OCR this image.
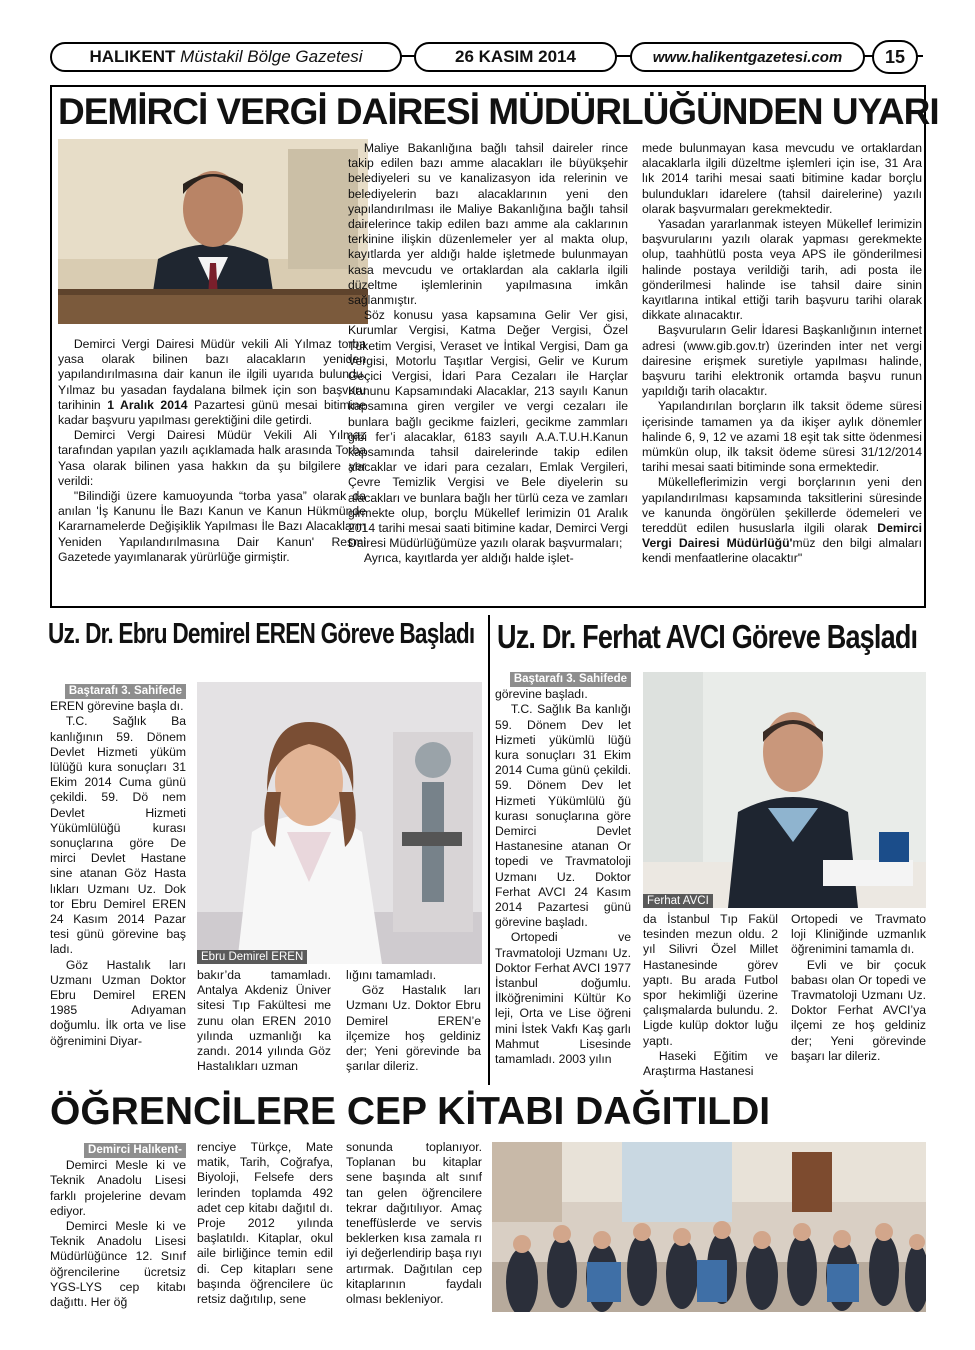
HALIKENT
Müstakil Bölge Gazetesi	26 KASIM 2014	www.halikentgazetesi.com 15
DEMİRCİ VERGİ DAİRESİ MÜDÜRLÜĞÜNDEN UYARI

Demirci Vergi Dairesi Müdür vekili Ali Yılmaz torba yasa olarak bilinen bazı alacakların yeniden yapılandırılmasına dair kanun ile ilgili uyarıda bulundu. Yılmaz bu yasadan faydalana bilmek için son başvuru tarihinin 1 Aralık 2014 Pazartesi günü mesai bitimine kadar başvuru yapılması gerektiğini dile getirdi.

Demirci Vergi Dairesi Müdür Vekili Ali Yılmaz tarafından yapılan yazılı açıklamada halk arasında Torba Yasa olarak bilinen yasa hakkın da şu bilgilere yer verildi:

"Bilindiği üzere kamuoyunda “torba yasa” olarak da anılan 'İş Kanunu İle Bazı Kanun ve Kanun Hükmünde Kararnamelerde Değişiklik Yapılması İle Bazı Alacakların Yeniden Yapılandırılmasına Dair Kanun' Resmi Gazetede yayımlanarak yürürlüğe girmiştir.

Maliye Bakanlığına bağlı tahsil daireler rince takip edilen bazı amme alacakları ile büyükşehir belediyeleri su ve kanalizasyon ida relerinin ve belediyelerin bazı alacaklarının yeni den yapılandırılması ile Maliye Bakanlığına bağlı tahsil dairelerince takip edilen bazı amme ala caklarının terkinine ilişkin düzenlemeler yer al makta olup, kayıtlarda yer aldığı halde işletmede bulunmayan kasa mevcudu ve ortaklardan ala caklarla ilgili düzeltme işlemlerinin yapılmasına imkân sağlanmıştır.

Söz konusu yasa kapsamına Gelir Ver gisi, Kurumlar Vergisi, Katma Değer Vergisi, Özel Tüketim Vergisi, Veraset ve İntikal Vergisi, Dam ga Vergisi, Motorlu Taşıtlar Vergisi, Gelir ve Kurum Geçici Vergisi, İdari Para Cezaları ile Harçlar Kanunu Kapsamındaki Alacaklar, 213 sayılı Kanun kapsamına giren vergiler ve vergi cezaları ile bunlara bağlı gecikme faizleri, gecikme zammları gibi fer’i alacaklar, 6183 sayılı A.A.T.U.H.Kanun kapsamında tahsil dairelerinde takip edilen alacaklar ve idari para cezaları, Emlak Vergileri, Çevre Temizlik Vergisi ve Bele diyelerin su alacakları ve bunlara bağlı her türlü ceza ve zamları girmekte olup, borçlu Mükellef lerimizin 01 Aralık 2014 tarihi mesai saati bitimine kadar, Demirci Vergi Dairesi Müdürlüğümüze yazılı olarak başvurmaları;

Ayrıca, kayıtlarda yer aldığı halde işlet-

mede bulunmayan kasa mevcudu ve ortaklardan alacaklarla ilgili düzeltme işlemleri için ise, 31 Ara lık 2014 tarihi mesai saati bitimine kadar borçlu bulundukları idarelere (tahsil dairelerine) yazılı olarak başvurmaları gerekmektedir.

Yasadan yararlanmak isteyen Mükellef lerimizin başvurularını yazılı olarak yapması gerekmekte olup, taahhütlü posta veya APS ile gönderilmesi halinde postaya verildiği tarih, adi posta ile gönderilmesi halinde ise tahsil daire sinin kayıtlarına intikal ettiği tarih başvuru tarihi olarak dikkate alınacaktır.

Başvuruların Gelir İdaresi Başkanlığının internet adresi (www.gib.gov.tr) üzerinden inter net vergi dairesine erişmek suretiyle yapılması halinde, başvuru tarihi elektronik ortamda başvu runun yapıldığı tarih olacaktır.

Yapılandırılan borçların ilk taksit ödeme süresi içerisinde tamamen ya da ikişer aylık dönemler halinde 6, 9, 12 ve azami 18 eşit tak sitte ödenmesi mümkün olup, ilk taksit ödeme süresi 31/12/2014 tarihi mesai saati bitiminde sona ermektedir.

Mükelleflerimizin vergi borçlarının yeni den yapılandırılması kapsamında taksitlerini süresinde ve kanunda öngörülen şekillerde ödemeleri ve tereddüt edilen hususlarla ilgili olarak Demirci Vergi Dairesi Müdürlüğü'müz den bilgi almaları kendi menfaatlerine olacaktır"

Uz. Dr. Ebru Demirel EREN Göreve Başladı

Baştarafı 3. Sahifede

EREN görevine başla dı.

T.C. Sağlık Ba kanlığının 59. Dönem Devlet Hizmeti yüküm lülüğü kura sonuçları 31 Ekim 2014 Cuma günü çekildi. 59. Dö nem Devlet Hizmeti Yükümlülüğü kurası sonuçlarına göre De mirci Devlet Hastane sine atanan Göz Hasta lıkları Uzmanı Uz. Dok tor Ebru Demirel EREN 24 Kasım 2014 Pazar tesi günü görevine baş ladı.

Göz Hastalık ları Uzmanı Uzman Doktor Ebru Demirel EREN 1985 Adıyaman doğumlu. İlk orta ve lise öğrenimini Diyar-

Ebru Demirel EREN

bakır’da tamamladı. Antalya Akdeniz Üniver sitesi Tıp Fakültesi me zunu olan EREN 2010 yılında uzmanlığı ka zandı. 2014 yılında Göz Hastalıkları uzman

lığını tamamladı.

Göz Hastalık ları Uzmanı Uz. Doktor Ebru Demirel EREN’e ilçemize hoş geldiniz der; Yeni görevinde ba şarılar dileriz.

Uz. Dr. Ferhat AVCI Göreve Başladı

Baştarafı 3. Sahifede

görevine başladı.

T.C. Sağlık Ba kanlığı 59. Dönem Dev let Hizmeti yükümlü lüğü kura sonuçları 31 Ekim 2014 Cuma günü çekildi. 59. Dönem Dev let Hizmeti Yükümlülü ğü kurası sonuçlarına göre Demirci Devlet Hastanesine atanan Or topedi ve Travmatoloji Uzmanı Uz. Doktor Ferhat AVCI 24 Kasım 2014 Pazartesi günü görevine başladı.

Ortopedi ve Travmatoloji Uzmanı Uz. Doktor Ferhat AVCI 1977 İstanbul doğumlu. İlköğrenimini Kültür Ko leji, Orta ve Lise öğreni mini İstek Vakfı Kaş garlı Mahmut Lisesinde tamamladı. 2003 yılın

Ferhat AVCI

da İstanbul Tıp Fakül tesinden mezun oldu. 2 yıl Silivri Özel Millet Hastanesinde görev yaptı. Bu arada Futbol spor hekimliği üzerine çalışmalarda bulundu. 2. Ligde kulüp doktor luğu yaptı.

Haseki Eğitim ve Araştırma Hastanesi

Ortopedi ve Travmato loji Kliniğinde uzmanlık öğrenimini tamamla dı.

Evli ve bir çocuk babası olan Or topedi ve Travmatoloji Uzmanı Uz. Doktor Ferhat AVCI’ya ilçemi ze hoş geldiniz der; Yeni görevinde başarı lar dileriz.

ÖĞRENCİLERE CEP KİTABI DAĞITILDI

Demirci Halıkent-

Demirci Mesle ki ve Teknik Anadolu Lisesi farklı projelerine devam ediyor.

Demirci Mesle ki ve Teknik Anadolu Lisesi Müdürlüğünce 12. Sınıf öğrencilerine ücretsiz YGS-LYS cep kitabı dağıttı. Her öğ

renciye Türkçe, Mate matik, Tarih, Coğrafya, Biyoloji, Felsefe ders lerinden toplamda 492 adet cep kitabı dağıtıl dı. Proje 2012 yılında başlatıldı. Kitaplar, okul aile birliğince temin edil di. Cep kitapları sene başında öğrencilere üc retsiz dağıtılıp, sene

sonunda toplanıyor. Toplanan bu kitaplar sene başında alt sınıf tan gelen öğrencilere tekrar dağıtılıyor. Amaç teneffüslerde ve servis beklerken kısa zamala rı iyi değerlendirip başa rıyı artırmak. Dağıtılan cep kitaplarının faydalı olması bekleniyor.
